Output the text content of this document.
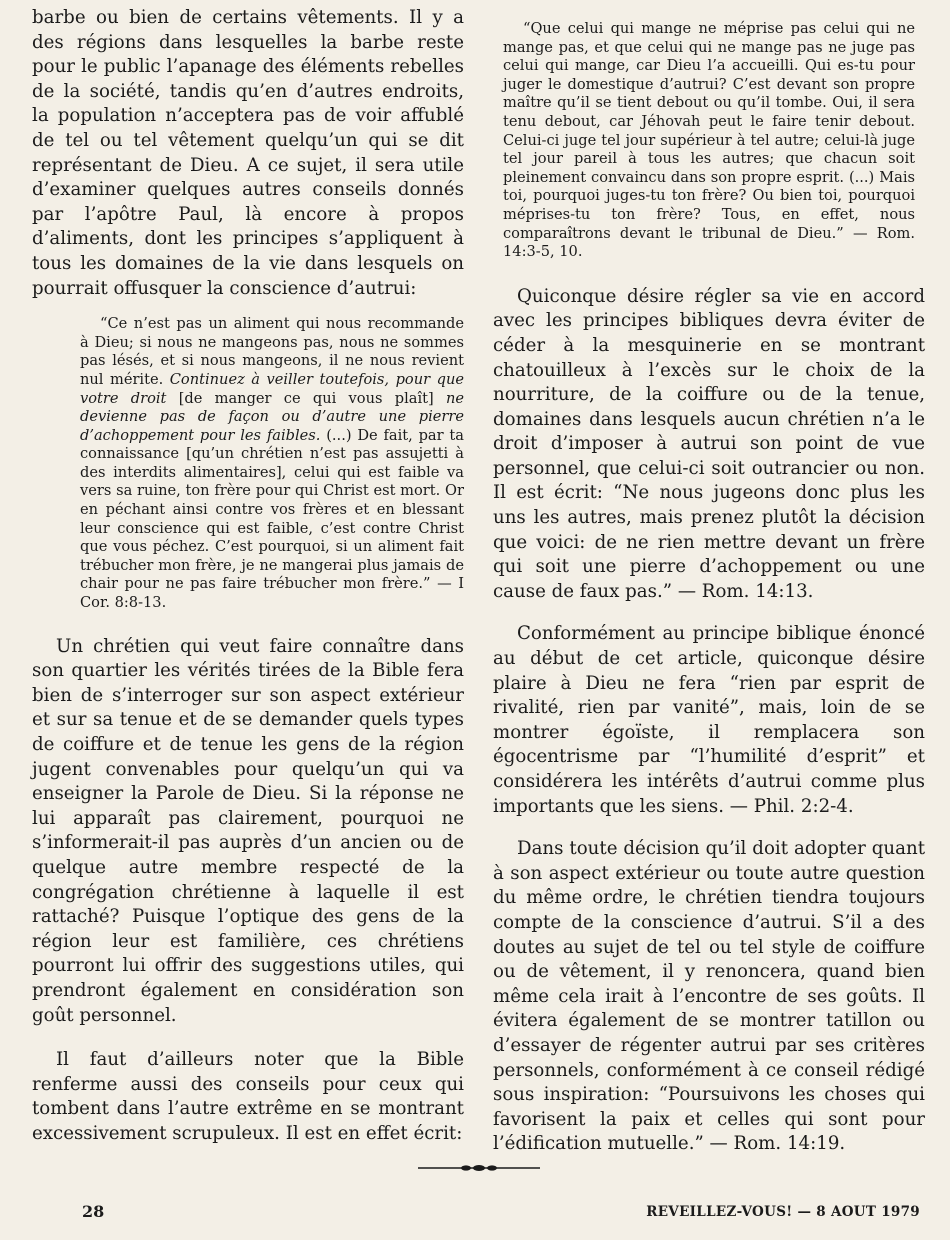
barbe ou bien de certains vêtements. Il y a des régions dans lesquelles la barbe reste pour le public l’apanage des éléments rebelles de la société, tandis qu’en d’autres endroits, la population n’acceptera pas de voir affublé de tel ou tel vêtement quelqu’un qui se dit représentant de Dieu. A ce sujet, il sera utile d’examiner quelques autres conseils donnés par l’apôtre Paul, là encore à propos d’aliments, dont les principes s’appliquent à tous les domaines de la vie dans lesquels on pourrait offusquer la conscience d’autrui:

“Ce n’est pas un aliment qui nous recommande à Dieu; si nous ne mangeons pas, nous ne sommes pas lésés, et si nous mangeons, il ne nous revient nul mérite. Continuez à veiller toutefois, pour que votre droit [de manger ce qui vous plaît] ne devienne pas de façon ou d’autre une pierre d’achoppement pour les faibles. (...) De fait, par ta connaissance [qu’un chrétien n’est pas assujetti à des interdits alimentaires], celui qui est faible va vers sa ruine, ton frère pour qui Christ est mort. Or en péchant ainsi contre vos frères et en blessant leur conscience qui est faible, c’est contre Christ que vous péchez. C’est pourquoi, si un aliment fait trébucher mon frère, je ne mangerai plus jamais de chair pour ne pas faire trébucher mon frère.” — I Cor. 8:8-13.

Un chrétien qui veut faire connaître dans son quartier les vérités tirées de la Bible fera bien de s’interroger sur son aspect extérieur et sur sa tenue et de se demander quels types de coiffure et de tenue les gens de la région jugent convenables pour quelqu’un qui va enseigner la Parole de Dieu. Si la réponse ne lui apparaît pas clairement, pourquoi ne s’informerait-il pas auprès d’un ancien ou de quelque autre membre respecté de la congrégation chrétienne à laquelle il est rattaché? Puisque l’optique des gens de la région leur est familière, ces chrétiens pourront lui offrir des suggestions utiles, qui prendront également en considération son goût personnel.

Il faut d’ailleurs noter que la Bible renferme aussi des conseils pour ceux qui tombent dans l’autre extrême en se montrant excessivement scrupuleux. Il est en effet écrit:

“Que celui qui mange ne méprise pas celui qui ne mange pas, et que celui qui ne mange pas ne juge pas celui qui mange, car Dieu l’a accueilli. Qui es-tu pour juger le domestique d’autrui? C’est devant son propre maître qu’il se tient debout ou qu’il tombe. Oui, il sera tenu debout, car Jéhovah peut le faire tenir debout. Celui-ci juge tel jour supérieur à tel autre; celui-là juge tel jour pareil à tous les autres; que chacun soit pleinement convaincu dans son propre esprit. (...) Mais toi, pourquoi juges-tu ton frère? Ou bien toi, pourquoi méprises-tu ton frère? Tous, en effet, nous comparaîtrons devant le tribunal de Dieu.” — Rom. 14:3-5, 10.

Quiconque désire régler sa vie en accord avec les principes bibliques devra éviter de céder à la mesquinerie en se montrant chatouilleux à l’excès sur le choix de la nourriture, de la coiffure ou de la tenue, domaines dans lesquels aucun chrétien n’a le droit d’imposer à autrui son point de vue personnel, que celui-ci soit outrancier ou non. Il est écrit: “Ne nous jugeons donc plus les uns les autres, mais prenez plutôt la décision que voici: de ne rien mettre devant un frère qui soit une pierre d’achoppement ou une cause de faux pas.” — Rom. 14:13.

Conformément au principe biblique énoncé au début de cet article, quiconque désire plaire à Dieu ne fera “rien par esprit de rivalité, rien par vanité”, mais, loin de se montrer égoïste, il remplacera son égocentrisme par “l’humilité d’esprit” et considérera les intérêts d’autrui comme plus importants que les siens. — Phil. 2:2-4.

Dans toute décision qu’il doit adopter quant à son aspect extérieur ou toute autre question du même ordre, le chrétien tiendra toujours compte de la conscience d’autrui. S’il a des doutes au sujet de tel ou tel style de coiffure ou de vêtement, il y renoncera, quand bien même cela irait à l’encontre de ses goûts. Il évitera également de se montrer tatillon ou d’essayer de régenter autrui par ses critères personnels, conformément à ce conseil rédigé sous inspiration: “Poursuivons les choses qui favorisent la paix et celles qui sont pour l’édification mutuelle.” — Rom. 14:19.

28	REVEILLEZ-VOUS! — 8 AOUT 1979
